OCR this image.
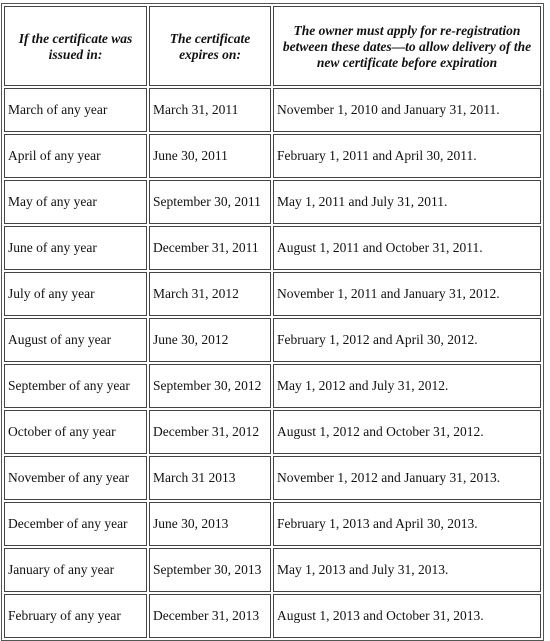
If the certificate was issued in:	The certificate expires on:	The owner must apply for re-registration between these dates—to allow delivery of the new certificate before expiration
March of any year	March 31, 2011	November 1, 2010 and January 31, 2011.
April of any year	June 30, 2011	February 1, 2011 and April 30, 2011.
May of any year	September 30, 2011	May 1, 2011 and July 31, 2011.
June of any year	December 31, 2011	August 1, 2011 and October 31, 2011.
July of any year	March 31, 2012	November 1, 2011 and January 31, 2012.
August of any year	June 30, 2012	February 1, 2012 and April 30, 2012.
September of any year	September 30, 2012	May 1, 2012 and July 31, 2012.
October of any year	December 31, 2012	August 1, 2012 and October 31, 2012.
November of any year	March 31 2013	November 1, 2012 and January 31, 2013.
December of any year	June 30, 2013	February 1, 2013 and April 30, 2013.
January of any year	September 30, 2013	May 1, 2013 and July 31, 2013.
February of any year	December 31, 2013	August 1, 2013 and October 31, 2013.
